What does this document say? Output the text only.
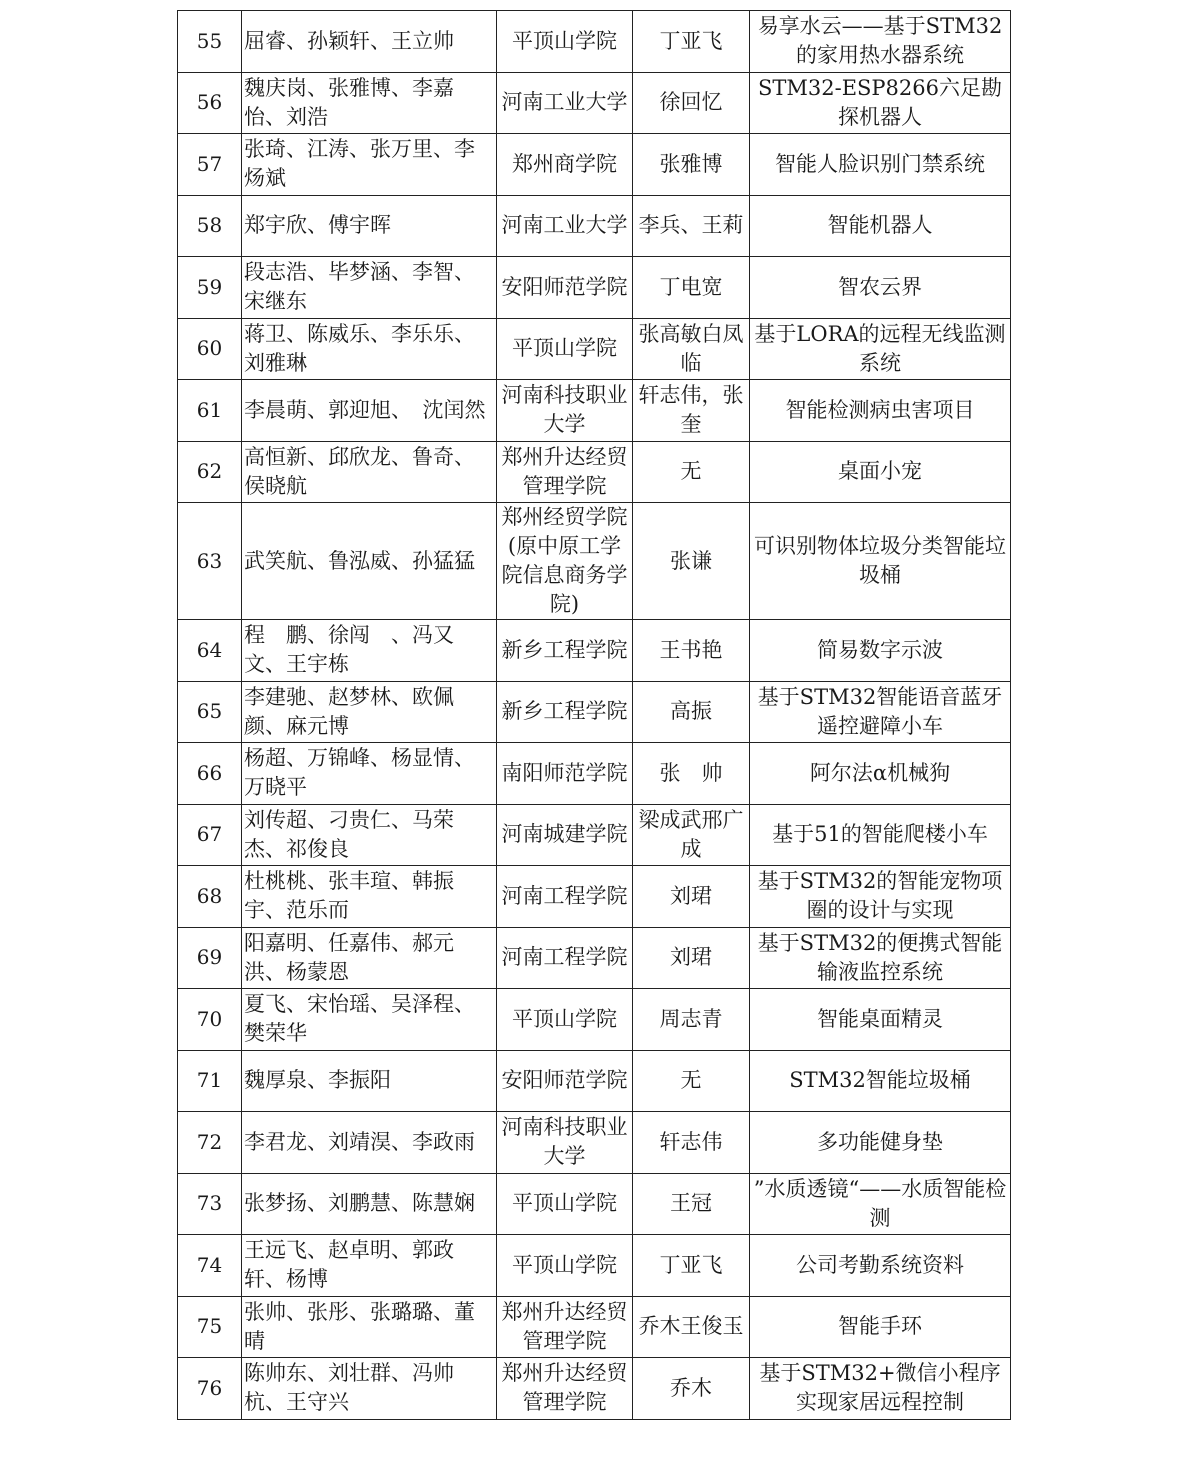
55	屈睿、孙颖轩、王立帅	平顶山学院	丁亚飞	易享水云——基于STM32的家用热水器系统
56	魏庆岗、张雅博、李嘉怡、刘浩	河南工业大学	徐回忆	STM32-ESP8266六足勘探机器人
57	张琦、江涛、张万里、李炀斌	郑州商学院	张雅博	智能人脸识别门禁系统
58	郑宇欣、傅宇晖	河南工业大学	李兵、王莉	智能机器人
59	段志浩、毕梦涵、李智、宋继东	安阳师范学院	丁电宽	智农云界
60	蒋卫、陈威乐、李乐乐、刘雅琳	平顶山学院	张高敏白凤临	基于LORA的远程无线监测系统
61	李晨萌、郭迎旭、　沈闰然	河南科技职业大学	轩志伟，张奎	智能检测病虫害项目
62	高恒新、邱欣龙、鲁奇、侯晓航	郑州升达经贸管理学院	无	桌面小宠
63	武笑航、鲁泓威、孙猛猛	郑州经贸学院(原中原工学院信息商务学院)	张谦	可识别物体垃圾分类智能垃圾桶
64	程　鹏、徐闯　、冯又文、王宇栋	新乡工程学院	王书艳	简易数字示波
65	李建驰、赵梦林、欧佩颜、麻元博	新乡工程学院	高振	基于STM32智能语音蓝牙遥控避障小车
66	杨超、万锦峰、杨显情、万晓平	南阳师范学院	张　帅	阿尔法α机械狗
67	刘传超、刁贵仁、马荣杰、祁俊良	河南城建学院	梁成武邢广成	基于51的智能爬楼小车
68	杜桃桃、张丰瑄、韩振宇、范乐而	河南工程学院	刘珺	基于STM32的智能宠物项圈的设计与实现
69	阳嘉明、任嘉伟、郝元洪、杨蒙恩	河南工程学院	刘珺	基于STM32的便携式智能输液监控系统
70	夏飞、宋怡瑶、吴泽程、樊荣华	平顶山学院	周志青	智能桌面精灵
71	魏厚泉、李振阳	安阳师范学院	无	STM32智能垃圾桶
72	李君龙、刘靖淏、李政雨	河南科技职业大学	轩志伟	多功能健身垫
73	张梦扬、刘鹏慧、陈慧娴	平顶山学院	王冠	”水质透镜“——水质智能检测
74	王远飞、赵卓明、郭政轩、杨博	平顶山学院	丁亚飞	公司考勤系统资料
75	张帅、张彤、张璐璐、董晴	郑州升达经贸管理学院	乔木王俊玉	智能手环
76	陈帅东、刘壮群、冯帅杭、王守兴	郑州升达经贸管理学院	乔木	基于STM32+微信小程序实现家居远程控制
